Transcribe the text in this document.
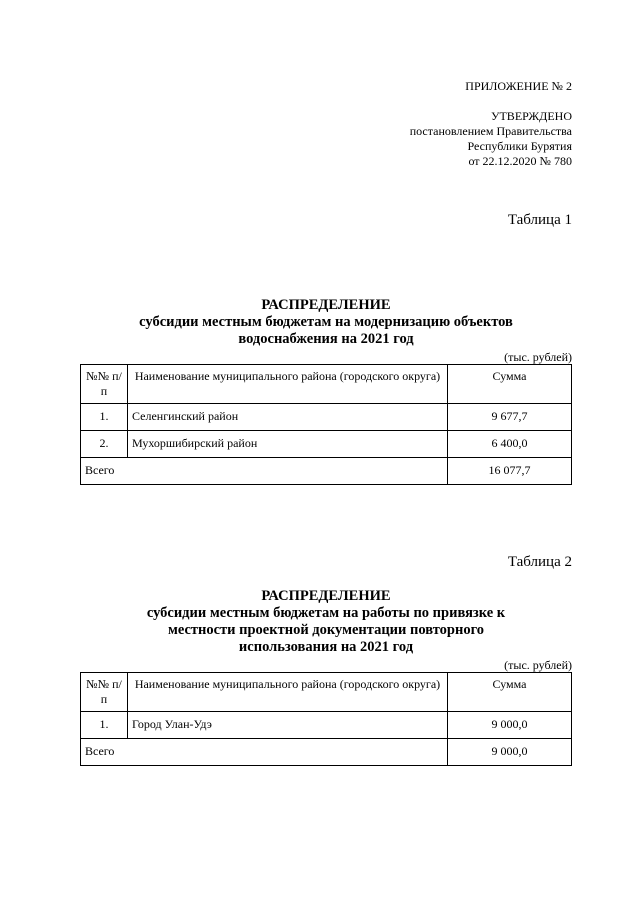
ПРИЛОЖЕНИЕ № 2
УТВЕРЖДЕНО
постановлением Правительства
Республики Бурятия
от 22.12.2020 № 780
Таблица 1
РАСПРЕДЕЛЕНИЕ
субсидии местным бюджетам на модернизацию объектов
водоснабжения на 2021 год
(тыс. рублей)
№№ п/п	Наименование муниципального района (городского округа)	Сумма
1.	Селенгинский район	9 677,7
2.	Мухоршибирский район	6 400,0
Всего		16 077,7
Таблица 2
РАСПРЕДЕЛЕНИЕ
субсидии местным бюджетам на работы по привязке к
местности проектной документации повторного
использования на 2021 год
(тыс. рублей)
№№ п/п	Наименование муниципального района (городского округа)	Сумма
1.	Город Улан-Удэ	9 000,0
Всего		9 000,0
